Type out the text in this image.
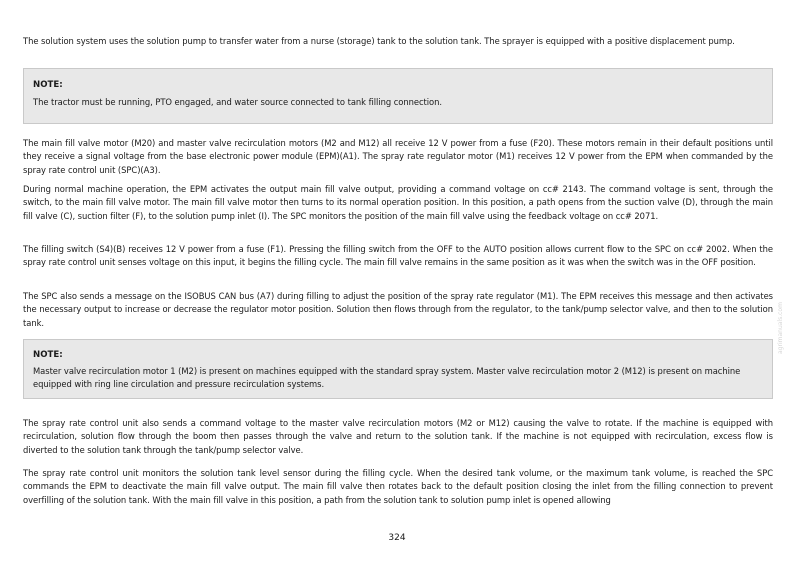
The solution system uses the solution pump to transfer water from a nurse (storage) tank to the solution tank. The sprayer is equipped with a positive displacement pump.

NOTE:

The tractor must be running, PTO engaged, and water source connected to tank filling connection.

The main fill valve motor (M20) and master valve recirculation motors (M2 and M12) all receive 12 V power from a fuse (F20). These motors remain in their default positions until they receive a signal voltage from the base electronic power module (EPM)(A1). The spray rate regulator motor (M1) receives 12 V power from the EPM when commanded by the spray rate control unit (SPC)(A3).

During normal machine operation, the EPM activates the output main fill valve output, providing a command voltage on cc# 2143. The command voltage is sent, through the switch, to the main fill valve motor. The main fill valve motor then turns to its normal operation position. In this position, a path opens from the suction valve (D), through the main fill valve (C), suction filter (F), to the solution pump inlet (I). The SPC monitors the position of the main fill valve using the feedback voltage on cc# 2071.

The filling switch (S4)(B) receives 12 V power from a fuse (F1). Pressing the filling switch from the OFF to the AUTO position allows current flow to the SPC on cc# 2002. When the spray rate control unit senses voltage on this input, it begins the filling cycle. The main fill valve remains in the same position as it was when the switch was in the OFF position.

The SPC also sends a message on the ISOBUS CAN bus (A7) during filling to adjust the position of the spray rate regulator (M1). The EPM receives this message and then activates the necessary output to increase or decrease the regulator motor position. Solution then flows through from the regulator, to the tank/pump selector valve, and then to the solution tank.

NOTE:

Master valve recirculation motor 1 (M2) is present on machines equipped with the standard spray system. Master valve recirculation motor 2 (M12) is present on machine equipped with ring line circulation and pressure recirculation systems.

The spray rate control unit also sends a command voltage to the master valve recirculation motors (M2 or M12) causing the valve to rotate. If the machine is equipped with recirculation, solution flow through the boom then passes through the valve and return to the solution tank. If the machine is not equipped with recirculation, excess flow is diverted to the solution tank through the tank/pump selector valve.

The spray rate control unit monitors the solution tank level sensor during the filling cycle. When the desired tank volume, or the maximum tank volume, is reached the SPC commands the EPM to deactivate the main fill valve output. The main fill valve then rotates back to the default position closing the inlet from the filling connection to prevent overfilling of the solution tank. With the main fill valve in this position, a path from the solution tank to solution pump inlet is opened allowing

324
agrimanuals.com
